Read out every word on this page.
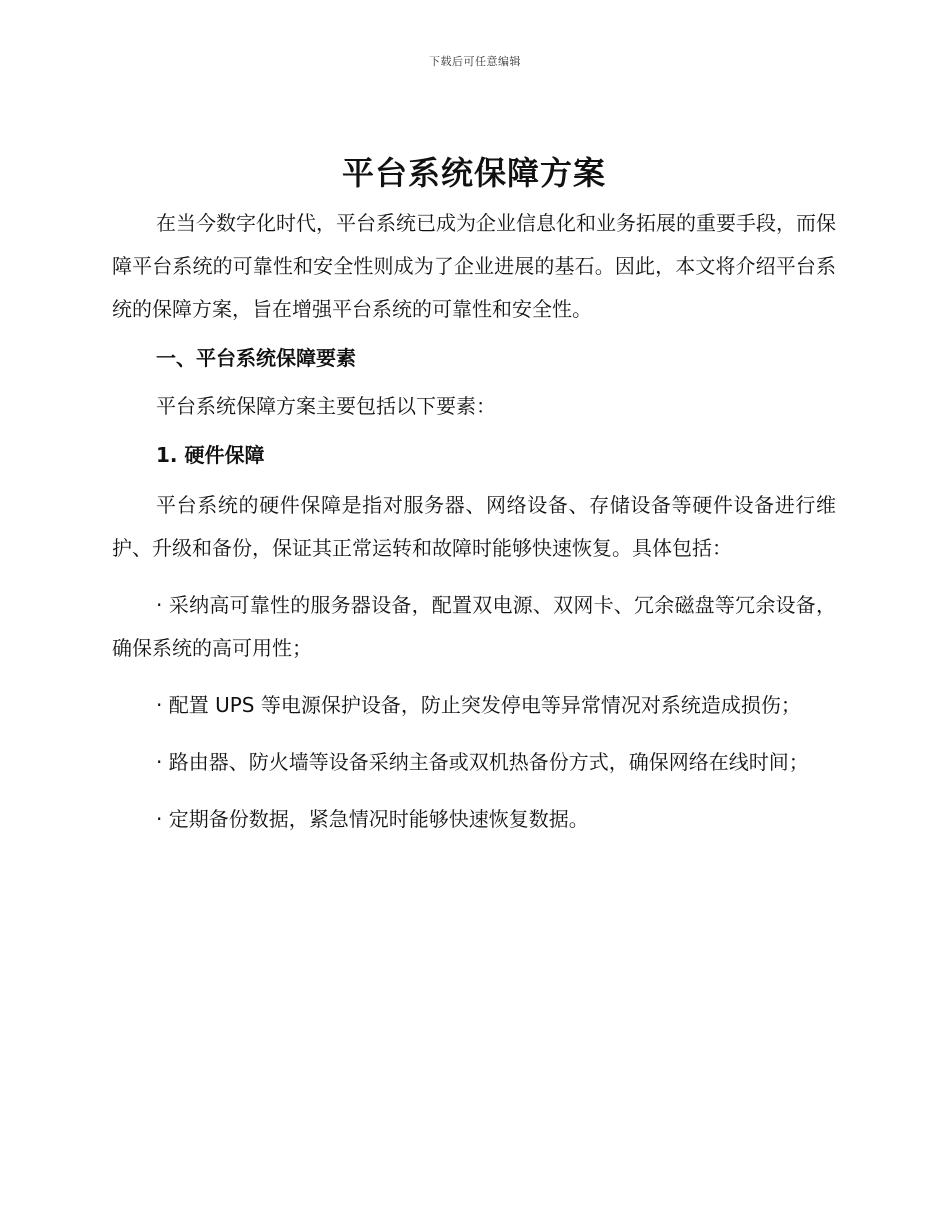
下载后可任意编辑
平台系统保障方案

在当今数字化时代，平台系统已成为企业信息化和业务拓展的重要手段，而保障平台系统的可靠性和安全性则成为了企业进展的基石。因此，本文将介绍平台系统的保障方案，旨在增强平台系统的可靠性和安全性。

一、平台系统保障要素

平台系统保障方案主要包括以下要素：

1. 硬件保障

平台系统的硬件保障是指对服务器、网络设备、存储设备等硬件设备进行维护、升级和备份，保证其正常运转和故障时能够快速恢复。具体包括：

· 采纳高可靠性的服务器设备，配置双电源、双网卡、冗余磁盘等冗余设备，确保系统的高可用性；

· 配置 UPS 等电源保护设备，防止突发停电等异常情况对系统造成损伤；

· 路由器、防火墙等设备采纳主备或双机热备份方式，确保网络在线时间；

· 定期备份数据，紧急情况时能够快速恢复数据。
